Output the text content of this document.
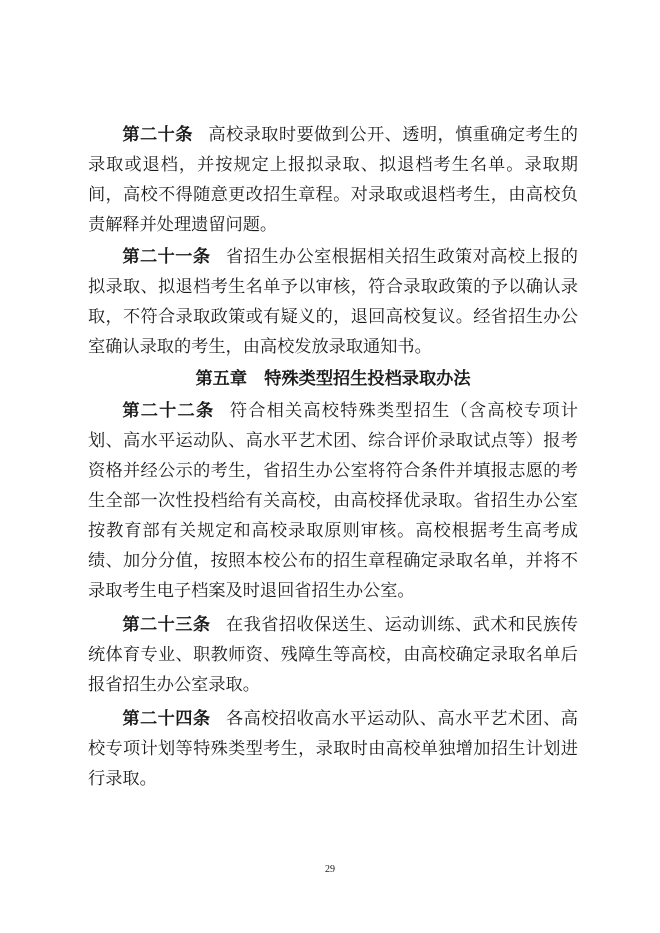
第二十条 高校录取时要做到公开、透明，慎重确定考生的录取或退档，并按规定上报拟录取、拟退档考生名单。录取期间，高校不得随意更改招生章程。对录取或退档考生，由高校负责解释并处理遗留问题。

第二十一条 省招生办公室根据相关招生政策对高校上报的拟录取、拟退档考生名单予以审核，符合录取政策的予以确认录取，不符合录取政策或有疑义的，退回高校复议。经省招生办公室确认录取的考生，由高校发放录取通知书。

第五章 特殊类型招生投档录取办法

第二十二条 符合相关高校特殊类型招生（含高校专项计划、高水平运动队、高水平艺术团、综合评价录取试点等）报考资格并经公示的考生，省招生办公室将符合条件并填报志愿的考生全部一次性投档给有关高校，由高校择优录取。省招生办公室按教育部有关规定和高校录取原则审核。高校根据考生高考成绩、加分分值，按照本校公布的招生章程确定录取名单，并将不录取考生电子档案及时退回省招生办公室。

第二十三条 在我省招收保送生、运动训练、武术和民族传统体育专业、职教师资、残障生等高校，由高校确定录取名单后报省招生办公室录取。

第二十四条 各高校招收高水平运动队、高水平艺术团、高校专项计划等特殊类型考生，录取时由高校单独增加招生计划进行录取。

29
